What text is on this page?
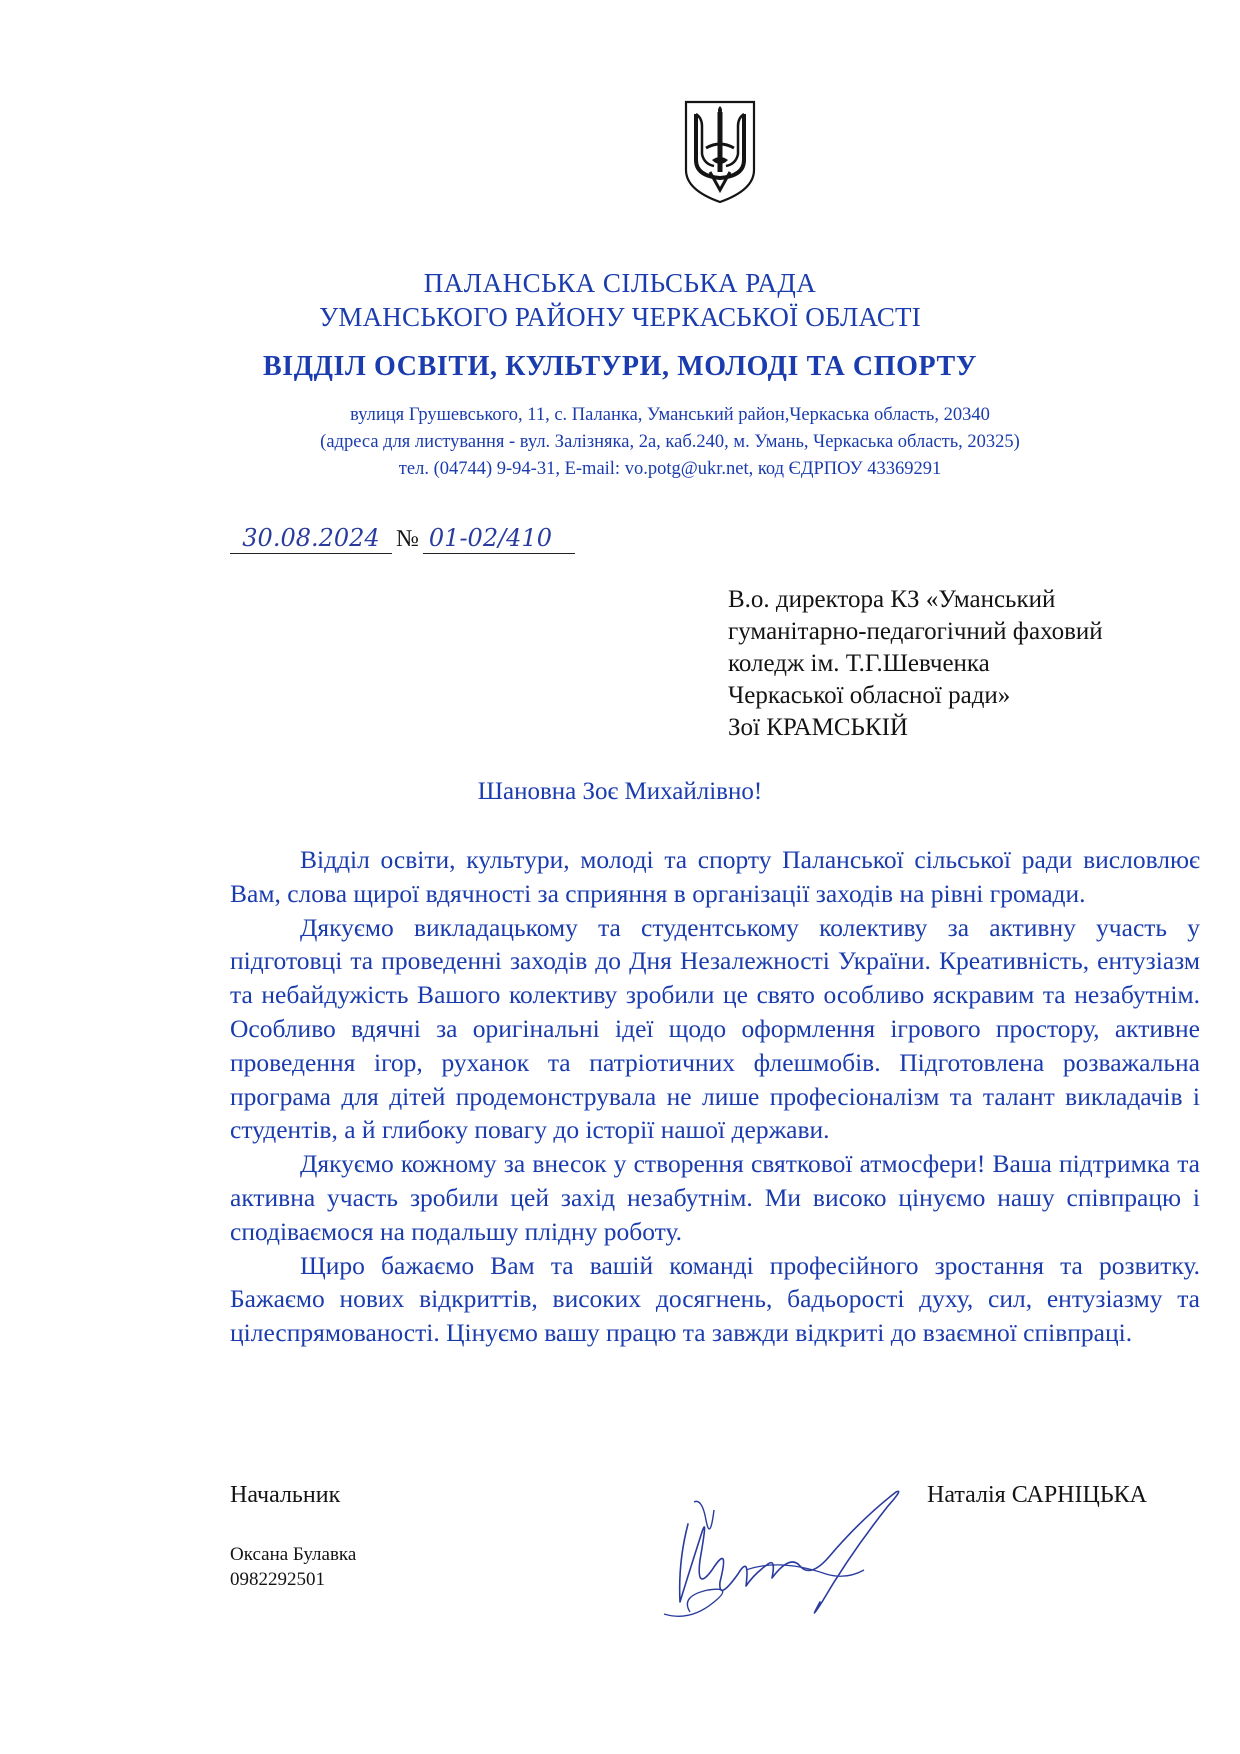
ПАЛАНСЬКА СІЛЬСЬКА РАДА
УМАНСЬКОГО РАЙОНУ ЧЕРКАСЬКОЇ ОБЛАСТІ
ВІДДІЛ ОСВІТИ, КУЛЬТУРИ, МОЛОДІ ТА СПОРТУ
вулиця Грушевського, 11, с. Паланка, Уманський район,Черкаська область, 20340
(адреса для листування - вул. Залізняка, 2а, каб.240, м. Умань, Черкаська область, 20325)
тел. (04744) 9-94-31, E-mail: vo.potg@ukr.net, код ЄДРПОУ 43369291
30.08.2024 № 01-02/410
В.о. директора КЗ «Уманський
гуманітарно-педагогічний фаховий
коледж ім. Т.Г.Шевченка
Черкаської обласної ради»
Зої КРАМСЬКІЙ
Шановна Зоє Михайлівно!

Відділ освіти, культури, молоді та спорту Паланської сільської ради висловлює Вам, слова щирої вдячності за сприяння в організації заходів на рівні громади.

Дякуємо викладацькому та студентському колективу за активну участь у підготовці та проведенні заходів до Дня Незалежності України. Креативність, ентузіазм та небайдужість Вашого колективу зробили це свято особливо яскравим та незабутнім. Особливо вдячні за оригінальні ідеї щодо оформлення ігрового простору, активне проведення ігор, руханок та патріотичних флешмобів. Підготовлена розважальна програма для дітей продемонструвала не лише професіоналізм та талант викладачів і студентів, а й глибоку повагу до історії нашої держави.

Дякуємо кожному за внесок у створення святкової атмосфери! Ваша підтримка та активна участь зробили цей захід незабутнім. Ми високо цінуємо нашу співпрацю і сподіваємося на подальшу плідну роботу.

Щиро бажаємо Вам та вашій команді професійного зростання та розвитку. Бажаємо нових відкриттів, високих досягнень, бадьорості духу, сил, ентузіазму та цілеспрямованості. Цінуємо вашу працю та завжди відкриті до взаємної співпраці.

Начальник	Наталія САРНІЦЬКА
Оксана Булавка
0982292501
